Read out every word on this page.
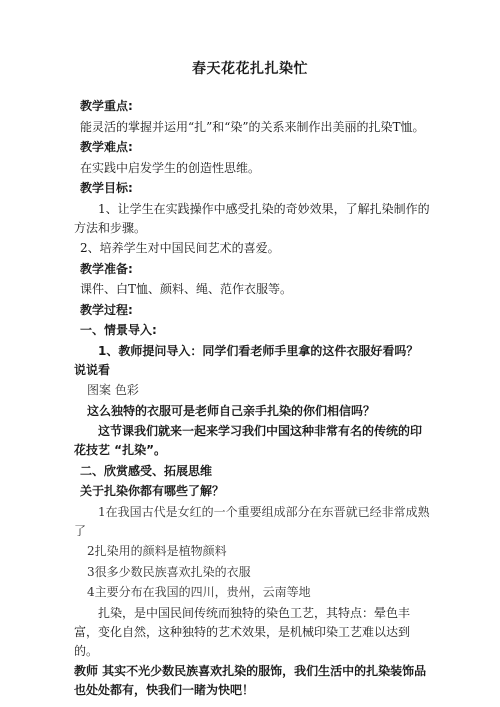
春天花花扎扎染忙

教学重点:

能灵活的掌握并运用“扎”和“染”的关系来制作出美丽的扎染T恤。

教学难点:

在实践中启发学生的创造性思维。

教学目标:

1、让学生在实践操作中感受扎染的奇妙效果，了解扎染制作的方法和步骤。

2、培养学生对中国民间艺术的喜爱。

教学准备:

课件、白T恤、颜料、绳、范作衣服等。

教学过程:

一、情景导入:

1、教师提问导入：同学们看老师手里拿的这件衣服好看吗？说说看

图案 色彩

这么独特的衣服可是老师自己亲手扎染的你们相信吗？

这节课我们就来一起来学习我们中国这种非常有名的传统的印花技艺 “扎染”。

二、欣赏感受、拓展思维

关于扎染你都有哪些了解？

1在我国古代是女红的一个重要组成部分在东晋就已经非常成熟了

2扎染用的颜料是植物颜料

3很多少数民族喜欢扎染的衣服

4主要分布在我国的四川，贵州，云南等地

扎染，是中国民间传统而独特的染色工艺，其特点：晕色丰富，变化自然，这种独特的艺术效果，是机械印染工艺难以达到的。

教师 其实不光少数民族喜欢扎染的服饰，我们生活中的扎染装饰品也处处都有，快我们一睹为快吧！
